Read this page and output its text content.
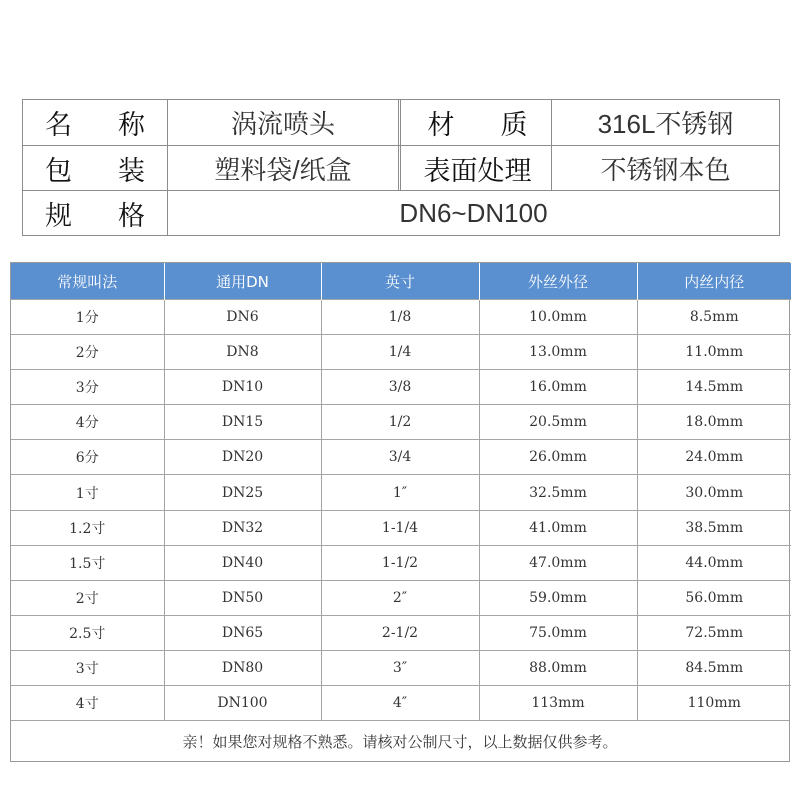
名 称	涡流喷头	材 质	316L不锈钢
包 装	塑料袋/纸盒	表面处理	不锈钢本色
规 格	DN6~DN100
常规叫法	通用DN	英寸	外丝外径	内丝内径
1分	DN6	1/8	10.0mm	8.5mm
2分	DN8	1/4	13.0mm	11.0mm
3分	DN10	3/8	16.0mm	14.5mm
4分	DN15	1/2	20.5mm	18.0mm
6分	DN20	3/4	26.0mm	24.0mm
1寸	DN25	1″	32.5mm	30.0mm
1.2寸	DN32	1-1/4	41.0mm	38.5mm
1.5寸	DN40	1-1/2	47.0mm	44.0mm
2寸	DN50	2″	59.0mm	56.0mm
2.5寸	DN65	2-1/2	75.0mm	72.5mm
3寸	DN80	3″	88.0mm	84.5mm
4寸	DN100	4″	113mm	110mm
亲！如果您对规格不熟悉。请核对公制尺寸，以上数据仅供参考。
